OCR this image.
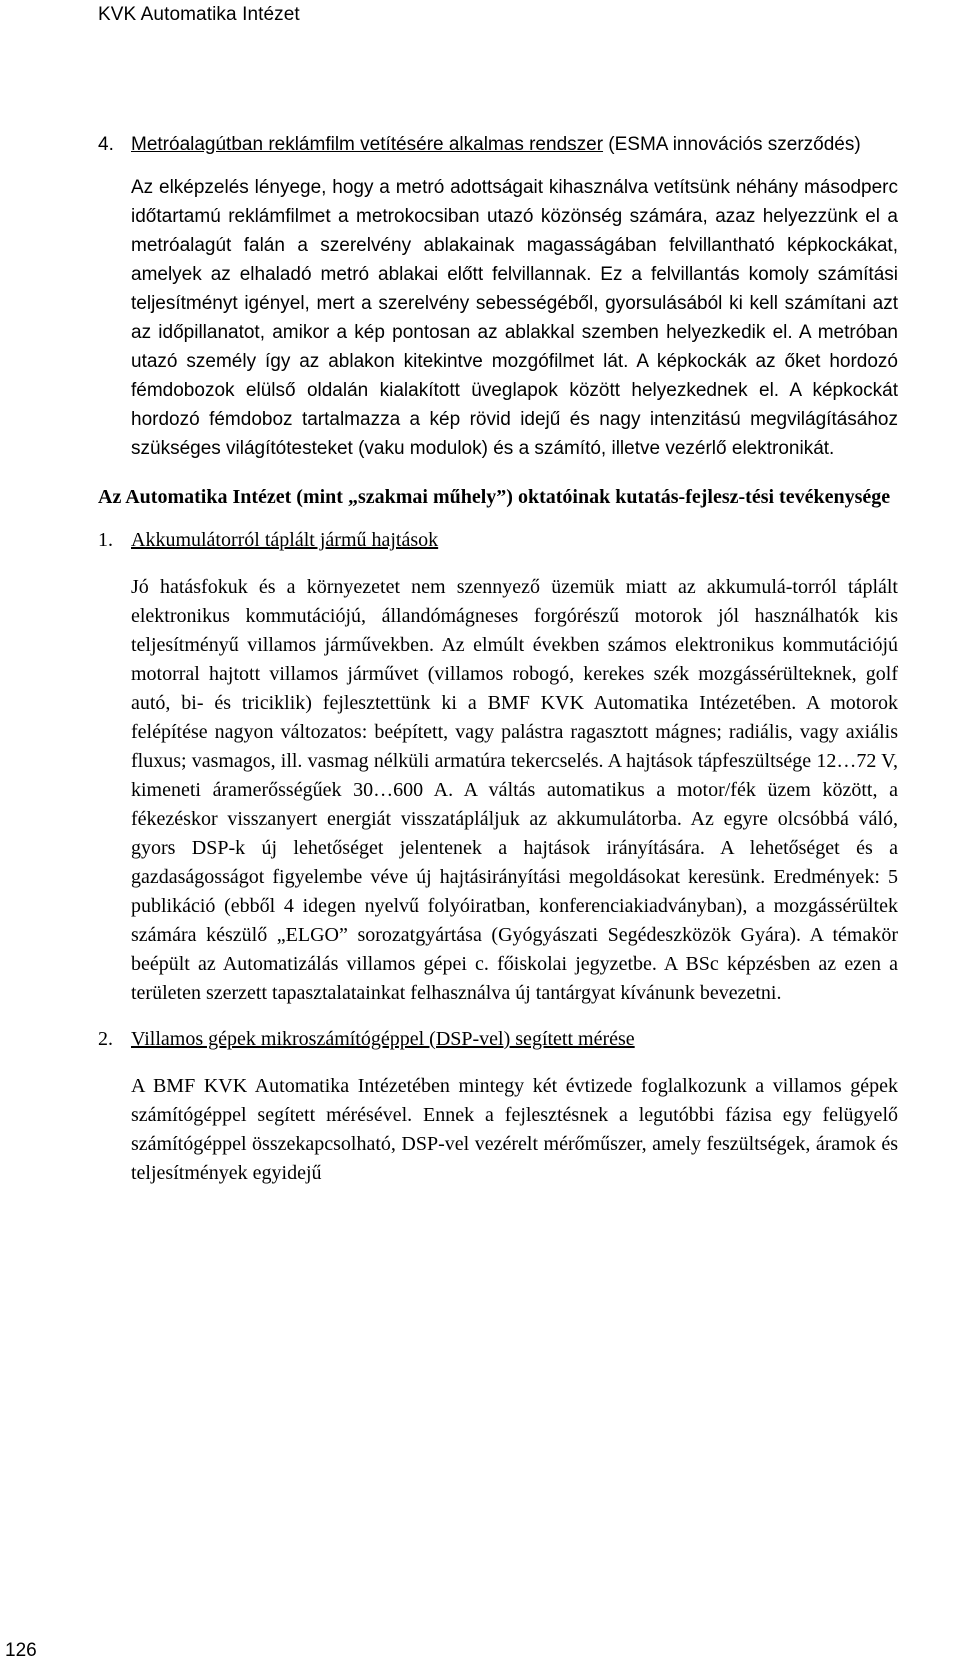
KVK Automatika Intézet
4. Metróalagútban reklámfilm vetítésére alkalmas rendszer (ESMA innovációs szerződés)

Az elképzelés lényege, hogy a metró adottságait kihasználva vetítsünk néhány másodperc időtartamú reklámfilmet a metrokocsiban utazó közönség számára, azaz helyezzünk el a metróalagút falán a szerelvény ablakainak magasságában felvillantható képkockákat, amelyek az elhaladó metró ablakai előtt felvillannak. Ez a felvillantás komoly számítási teljesítményt igényel, mert a szerelvény sebességéből, gyorsulásából ki kell számítani azt az időpillanatot, amikor a kép pontosan az ablakkal szemben helyezkedik el. A metróban utazó személy így az ablakon kitekintve mozgófilmet lát. A képkockák az őket hordozó fémdobozok elülső oldalán kialakított üveglapok között helyezkednek el. A képkockát hordozó fémdoboz tartalmazza a kép rövid idejű és nagy intenzitású megvilágításához szükséges világítótesteket (vaku modulok) és a számító, illetve vezérlő elektronikát.

Az Automatika Intézet (mint „szakmai műhely”) oktatóinak kutatás-fejlesz-tési tevékenysége
1. Akkumulátorról táplált jármű hajtások

Jó hatásfokuk és a környezetet nem szennyező üzemük miatt az akkumulá-torról táplált elektronikus kommutációjú, állandómágneses forgórészű motorok jól használhatók kis teljesítményű villamos járművekben. Az elmúlt években számos elektronikus kommutációjú motorral hajtott villamos járművet (villamos robogó, kerekes szék mozgássérülteknek, golf autó, bi- és triciklik) fejlesztettünk ki a BMF KVK Automatika Intézetében. A motorok felépítése nagyon változatos: beépített, vagy palástra ragasztott mágnes; radiális, vagy axiális fluxus; vasmagos, ill. vasmag nélküli armatúra tekercselés. A hajtások tápfeszültsége 12…72 V, kimeneti áramerősségűek 30…600 A. A váltás automatikus a motor/fék üzem között, a fékezéskor visszanyert energiát visszatápláljuk az akkumulátorba. Az egyre olcsóbbá váló, gyors DSP-k új lehetőséget jelentenek a hajtások irányítására. A lehetőséget és a gazdaságosságot figyelembe véve új hajtásirányítási megoldásokat keresünk. Eredmények: 5 publikáció (ebből 4 idegen nyelvű folyóiratban, konferenciakiadványban), a mozgássérültek számára készülő „ELGO” sorozatgyártása (Gyógyászati Segédeszközök Gyára). A témakör beépült az Automatizálás villamos gépei c. főiskolai jegyzetbe. A BSc képzésben az ezen a területen szerzett tapasztalatainkat felhasználva új tantárgyat kívánunk bevezetni.

2. Villamos gépek mikroszámítógéppel (DSP-vel) segített mérése

A BMF KVK Automatika Intézetében mintegy két évtizede foglalkozunk a villamos gépek számítógéppel segített mérésével. Ennek a fejlesztésnek a legutóbbi fázisa egy felügyelő számítógéppel összekapcsolható, DSP-vel vezérelt mérőműszer, amely feszültségek, áramok és teljesítmények egyidejű

126
